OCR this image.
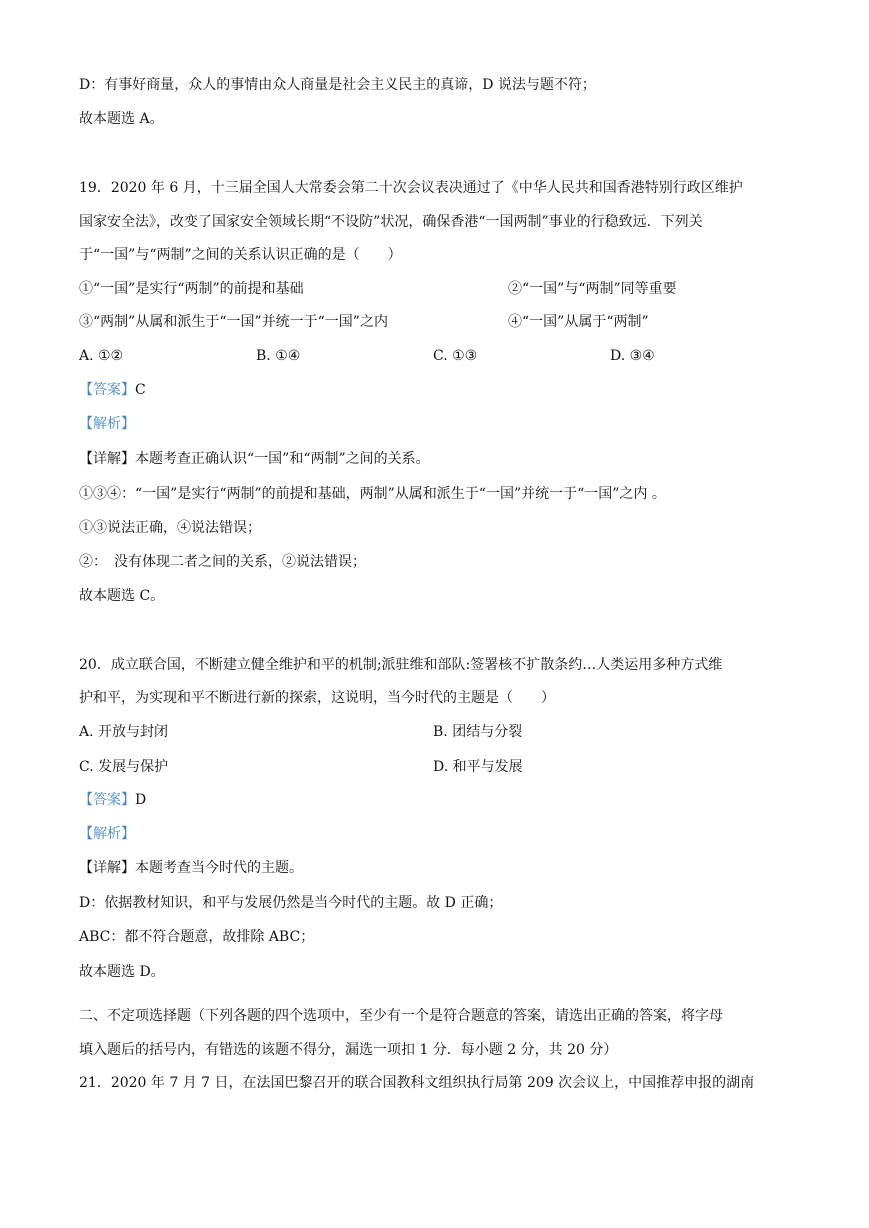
D：有事好商量，众人的事情由众人商量是社会主义民主的真谛，D 说法与题不符；
故本题选 A。
19．2020 年 6 月，十三届全国人大常委会第二十次会议表决通过了《中华人民共和国香港特别行政区维护
国家安全法》，改变了国家安全领域长期“不设防”状况，确保香港“一国两制”事业的行稳致远．下列关
于“一国”与“两制”之间的关系认识正确的是（　　）
①“一国”是实行“两制”的前提和基础	②“一国”与“两制”同等重要
③“两制”从属和派生于“一国”并统一于“一国”之内	④“一国”从属于“两制”
A. ①②	B. ①④	C. ①③	D. ③④
【答案】C
【解析】
【详解】本题考查正确认识“一国”和“两制”之间的关系。
①③④：“一国”是实行“两制”的前提和基础，两制”从属和派生于“一国”并统一于“一国”之内 。
①③说法正确，④说法错误；
②：　没有体现二者之间的关系，②说法错误；
故本题选 C。
20．成立联合国，不断建立健全维护和平的机制;派驻维和部队:签署核不扩散条约…人类运用多种方式维
护和平，为实现和平不断进行新的探索，这说明，当今时代的主题是（　　）
A. 开放与封闭	B. 团结与分裂
C. 发展与保护	D. 和平与发展
【答案】D
【解析】
【详解】本题考查当今时代的主题。
D：依据教材知识，和平与发展仍然是当今时代的主题。故 D 正确；
ABC：都不符合题意，故排除 ABC；
故本题选 D。
二、不定项选择题（下列各题的四个选项中，至少有一个是符合题意的答案，请选出正确的答案，将字母
填入题后的括号内，有错选的该题不得分，漏选一项扣 1 分．每小题 2 分，共 20 分）
21．2020 年 7 月 7 日，在法国巴黎召开的联合国教科文组织执行局第 209 次会议上，中国推荐申报的湖南
